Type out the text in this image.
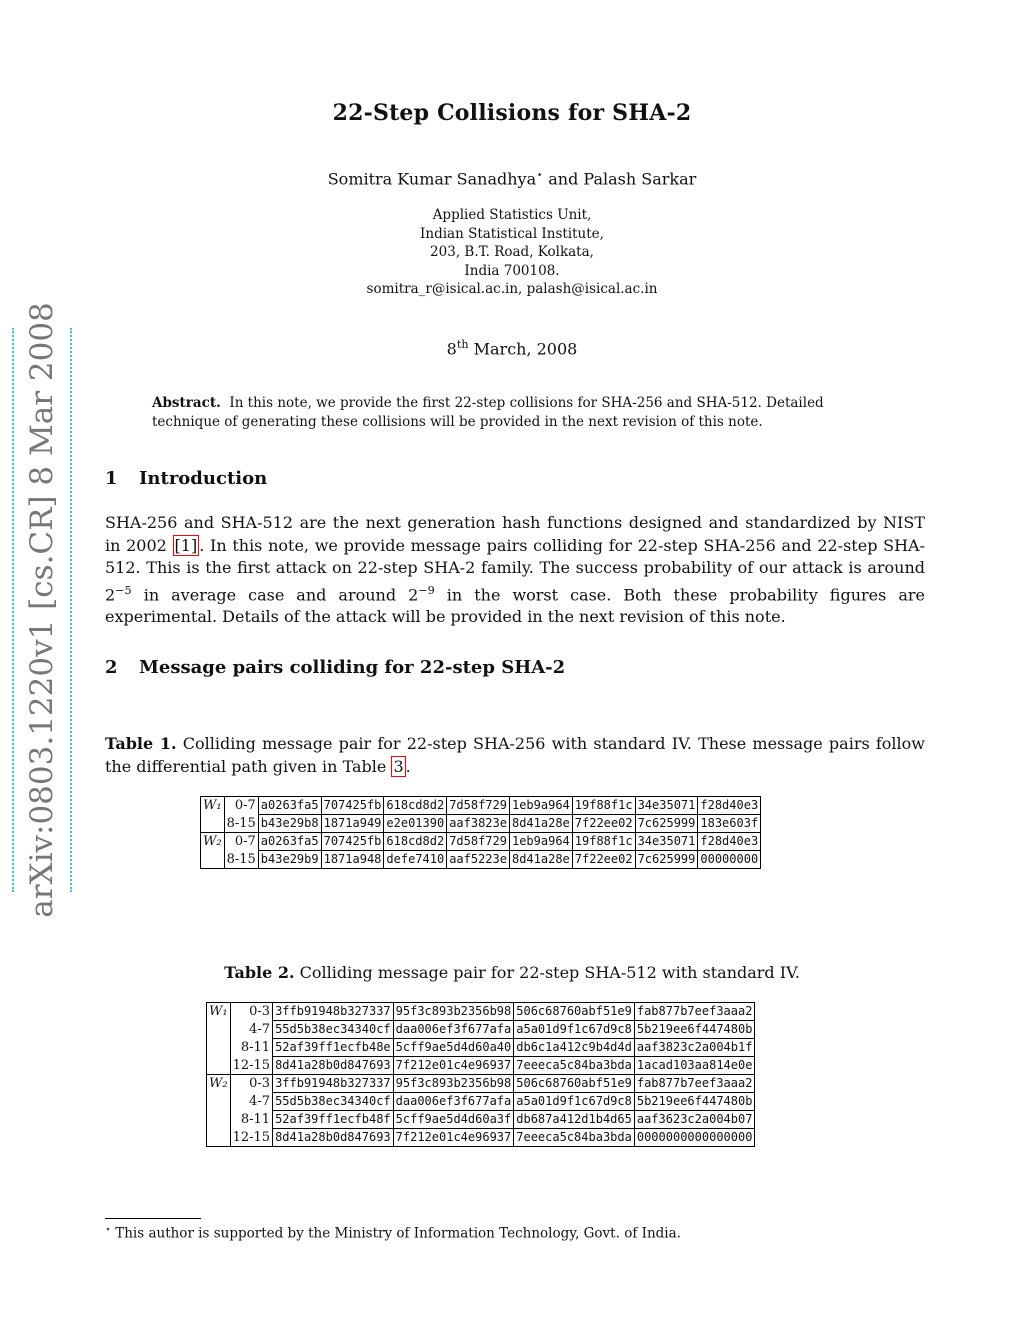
arXiv:0803.1220v1 [cs.CR] 8 Mar 2008
22-Step Collisions for SHA-2
Somitra Kumar Sanadhya⋆ and Palash Sarkar
Applied Statistics Unit,
Indian Statistical Institute,
203, B.T. Road, Kolkata,
India 700108.
somitra_r@isical.ac.in, palash@isical.ac.in
8th March, 2008
Abstract. In this note, we provide the first 22-step collisions for SHA-256 and SHA-512. Detailed technique of generating these collisions will be provided in the next revision of this note.
1 Introduction
SHA-256 and SHA-512 are the next generation hash functions designed and standardized by NIST in 2002 [1] . In this note, we provide message pairs colliding for 22-step SHA-256 and 22-step SHA-512. This is the first attack on 22-step SHA-2 family. The success probability of our attack is around $2^{-5}$ in average case and around $2^{-9}$ in the worst case. Both these probability figures are experimental. Details of the attack will be provided in the next revision of this note.
2 Message pairs colliding for 22-step SHA-2
Table 1. Colliding message pair for 22-step SHA-256 with standard IV. These message pairs follow the differential path given in Table 3 .
W₁	0-7	a0263fa5	707425fb	618cd8d2	7d58f729	1eb9a964	19f88f1c	34e35071	f28d40e3
	8-15	b43e29b8	1871a949	e2e01390	aaf3823e	8d41a28e	7f22ee02	7c625999	183e603f
W₂	0-7	a0263fa5	707425fb	618cd8d2	7d58f729	1eb9a964	19f88f1c	34e35071	f28d40e3
	8-15	b43e29b9	1871a948	defe7410	aaf5223e	8d41a28e	7f22ee02	7c625999	00000000
Table 2. Colliding message pair for 22-step SHA-512 with standard IV.
W₁	0-3	3ffb91948b327337	95f3c893b2356b98	506c68760abf51e9	fab877b7eef3aaa2
	4-7	55d5b38ec34340cf	daa006ef3f677afa	a5a01d9f1c67d9c8	5b219ee6f447480b
	8-11	52af39ff1ecfb48e	5cff9ae5d4d60a40	db6c1a412c9b4d4d	aaf3823c2a004b1f
	12-15	8d41a28b0d847693	7f212e01c4e96937	7eeeca5c84ba3bda	1acad103aa814e0e
W₂	0-3	3ffb91948b327337	95f3c893b2356b98	506c68760abf51e9	fab877b7eef3aaa2
	4-7	55d5b38ec34340cf	daa006ef3f677afa	a5a01d9f1c67d9c8	5b219ee6f447480b
	8-11	52af39ff1ecfb48f	5cff9ae5d4d60a3f	db687a412d1b4d65	aaf3623c2a004b07
	12-15	8d41a28b0d847693	7f212e01c4e96937	7eeeca5c84ba3bda	0000000000000000
⋆ This author is supported by the Ministry of Information Technology, Govt. of India.
